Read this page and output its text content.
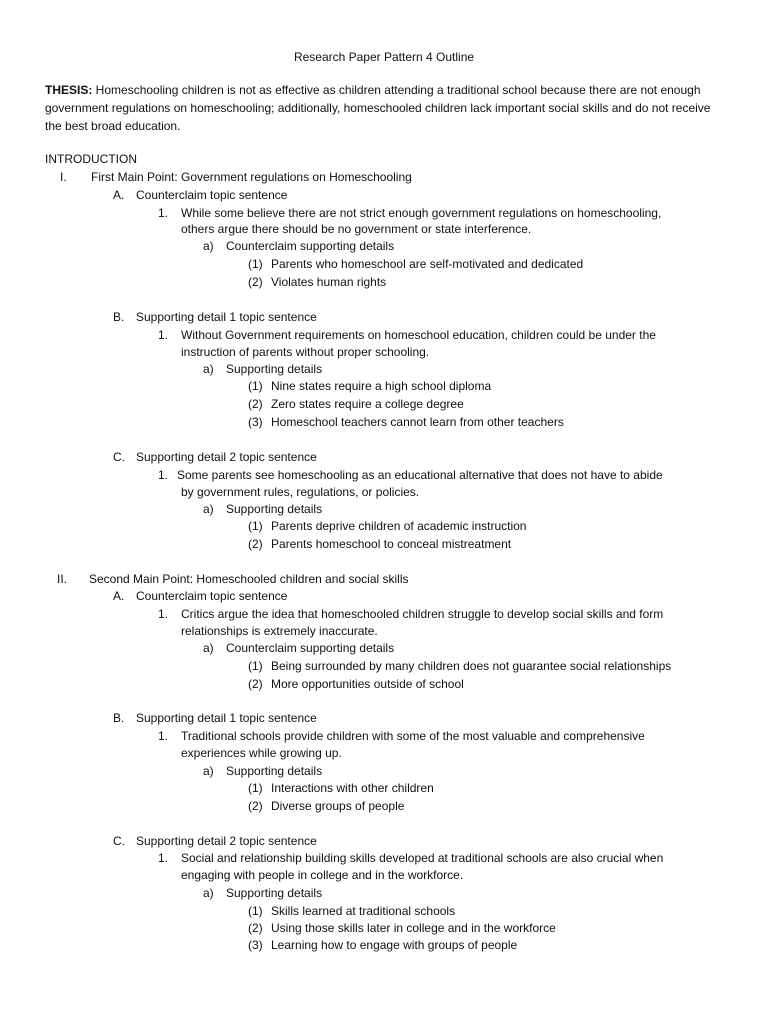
Research Paper Pattern 4 Outline
THESIS: Homeschooling children is not as effective as children attending a traditional school because there are not enough government regulations on homeschooling; additionally, homeschooled children lack important social skills and do not receive the best broad education.
INTRODUCTION
I. First Main Point: Government regulations on Homeschooling
A. Counterclaim topic sentence
1. While some believe there are not strict enough government regulations on homeschooling,
others argue there should be no government or state interference.
a) Counterclaim supporting details
(1) Parents who homeschool are self-motivated and dedicated
(2) Violates human rights
B. Supporting detail 1 topic sentence
1. Without Government requirements on homeschool education, children could be under the
instruction of parents without proper schooling.
a) Supporting details
(1) Nine states require a high school diploma
(2) Zero states require a college degree
(3) Homeschool teachers cannot learn from other teachers
C. Supporting detail 2 topic sentence
1. Some parents see homeschooling as an educational alternative that does not have to abide
by government rules, regulations, or policies.
a) Supporting details
(1) Parents deprive children of academic instruction
(2) Parents homeschool to conceal mistreatment
II. Second Main Point: Homeschooled children and social skills
A. Counterclaim topic sentence
1. Critics argue the idea that homeschooled children struggle to develop social skills and form
relationships is extremely inaccurate.
a) Counterclaim supporting details
(1) Being surrounded by many children does not guarantee social relationships
(2) More opportunities outside of school
B. Supporting detail 1 topic sentence
1. Traditional schools provide children with some of the most valuable and comprehensive
experiences while growing up.
a) Supporting details
(1) Interactions with other children
(2) Diverse groups of people
C. Supporting detail 2 topic sentence
1. Social and relationship building skills developed at traditional schools are also crucial when
engaging with people in college and in the workforce.
a) Supporting details
(1) Skills learned at traditional schools
(2) Using those skills later in college and in the workforce
(3) Learning how to engage with groups of people
